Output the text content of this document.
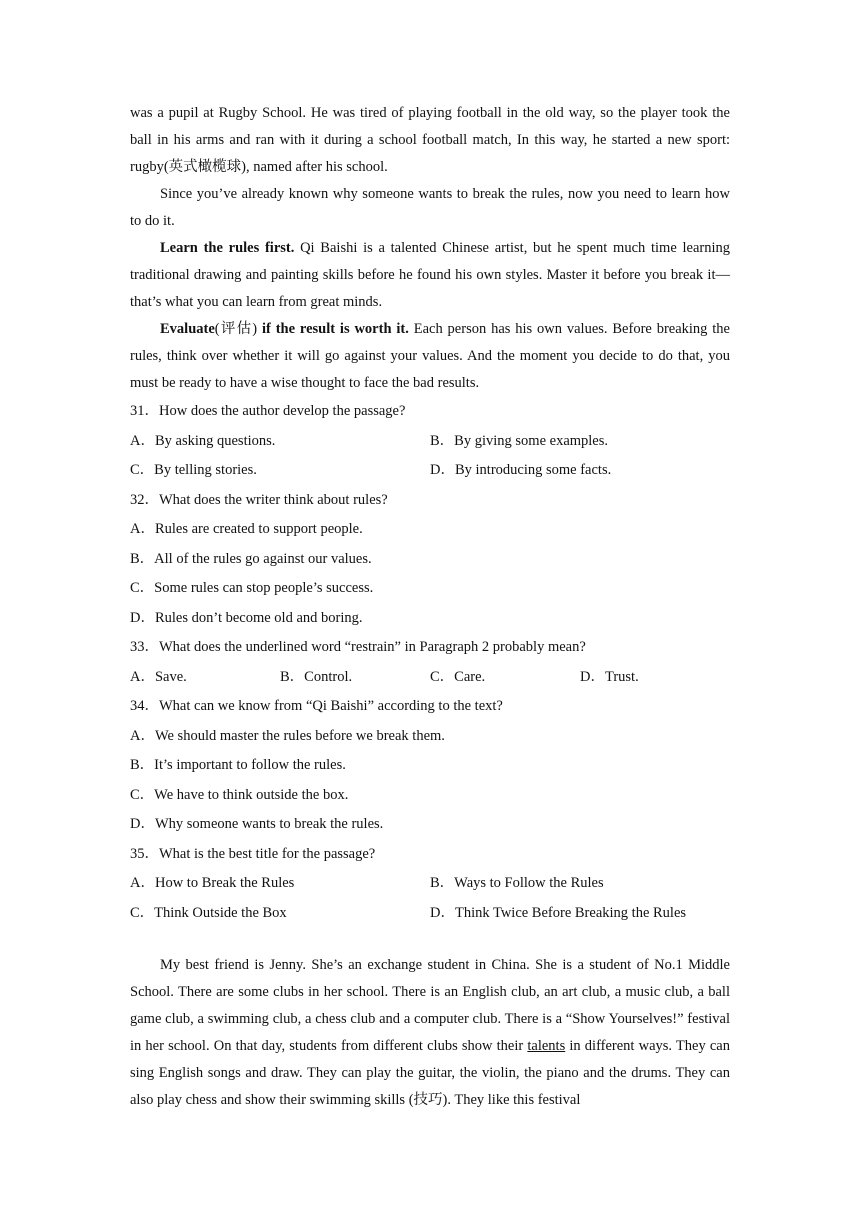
was a pupil at Rugby School. He was tired of playing football in the old way, so the player took the ball in his arms and ran with it during a school football match, In this way, he started a new sport: rugby(英式橄榄球), named after his school.

Since you’ve already known why someone wants to break the rules, now you need to learn how to do it.

Learn the rules first. Qi Baishi is a talented Chinese artist, but he spent much time learning traditional drawing and painting skills before he found his own styles. Master it before you break it—that’s what you can learn from great minds.

Evaluate(评估) if the result is worth it. Each person has his own values. Before breaking the rules, think over whether it will go against your values. And the moment you decide to do that, you must be ready to have a wise thought to face the bad results.

31．How does the author develop the passage?

A．By asking questions.	B．By giving some examples.
C．By telling stories.	D．By introducing some facts.

32．What does the writer think about rules?

A．Rules are created to support people.

B．All of the rules go against our values.

C．Some rules can stop people’s success.

D．Rules don’t become old and boring.

33．What does the underlined word “restrain” in Paragraph 2 probably mean?

A．Save.	B．Control.	C．Care.	D．Trust.

34．What can we know from “Qi Baishi” according to the text?

A．We should master the rules before we break them.

B．It’s important to follow the rules.

C．We have to think outside the box.

D．Why someone wants to break the rules.

35．What is the best title for the passage?

A．How to Break the Rules	B．Ways to Follow the Rules
C．Think Outside the Box	D．Think Twice Before Breaking the Rules

My best friend is Jenny. She’s an exchange student in China. She is a student of No.1 Middle School. There are some clubs in her school. There is an English club, an art club, a music club, a ball game club, a swimming club, a chess club and a computer club. There is a “Show Yourselves!” festival in her school. On that day, students from different clubs show their talents in different ways. They can sing English songs and draw. They can play the guitar, the violin, the piano and the drums. They can also play chess and show their swimming skills (技巧). They like this festival
